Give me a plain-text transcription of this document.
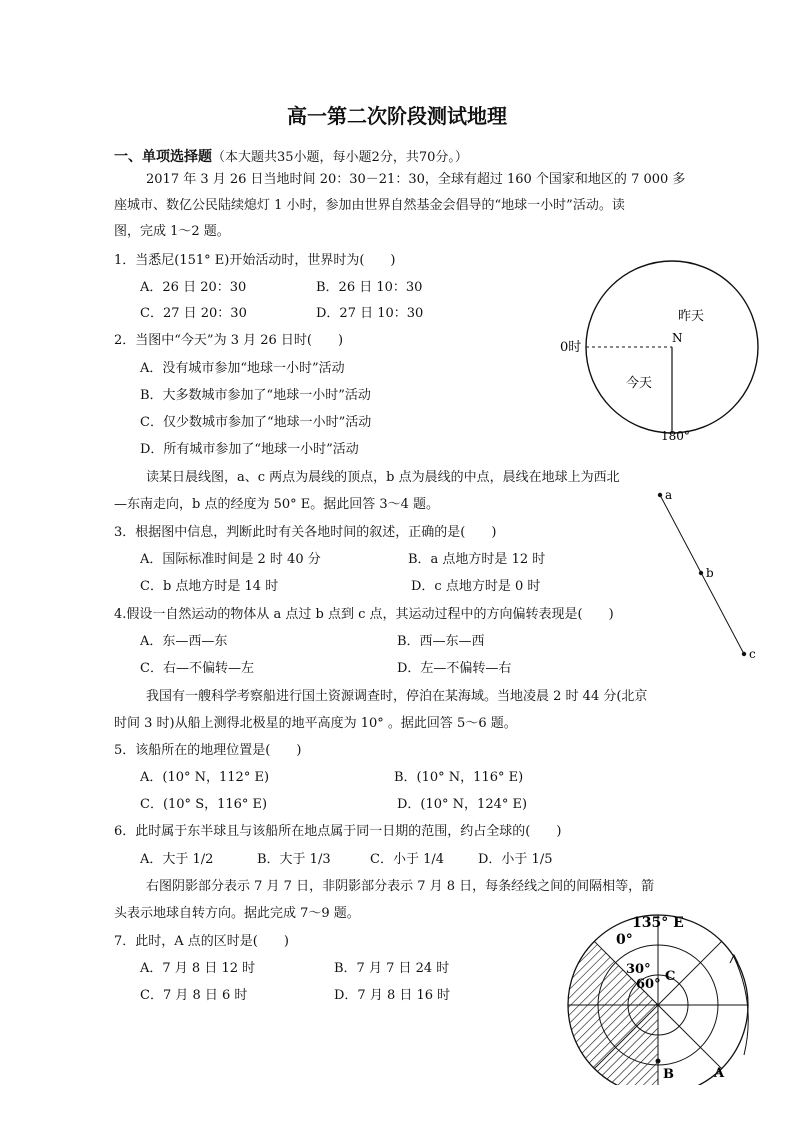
高一第二次阶段测试地理
一、单项选择题（本大题共35小题，每小题2分，共70分。）
2017 年 3 月 26 日当地时间 20：30－21：30，全球有超过 160 个国家和地区的 7 000 多
座城市、数亿公民陆续熄灯 1 小时，参加由世界自然基金会倡导的“地球一小时”活动。读
图，完成 1～2 题。
1．当悉尼(151° E)开始活动时，世界时为(　　)
A．26 日 20：30	B．26 日 10：30
C．27 日 20：30	D．27 日 10：30
2．当图中“今天”为 3 月 26 日时(　　)
A．没有城市参加“地球一小时”活动
B．大多数城市参加了“地球一小时”活动
C．仅少数城市参加了“地球一小时”活动
D．所有城市参加了“地球一小时”活动
昨天
今天
0时
N
180°
读某日晨线图，a、c 两点为晨线的顶点，b 点为晨线的中点，晨线在地球上为西北
—东南走向，b 点的经度为 50° E。据此回答 3～4 题。
a
b
c
3．根据图中信息，判断此时有关各地时间的叙述，正确的是(　　)
A．国际标准时间是 2 时 40 分	B．a 点地方时是 12 时
C．b 点地方时是 14 时	D．c 点地方时是 0 时
4.假设一自然运动的物体从 a 点过 b 点到 c 点，其运动过程中的方向偏转表现是(　　)
A．东—西—东	B．西—东—西
C．右—不偏转—左	D．左—不偏转—右
我国有一艘科学考察船进行国土资源调查时，停泊在某海域。当地凌晨 2 时 44 分(北京
时间 3 时)从船上测得北极星的地平高度为 10° 。据此回答 5～6 题。
5．该船所在的地理位置是(　　)
A．(10° N，112° E)	B．(10° N，116° E)
C．(10° S，116° E)	D．(10° N，124° E)
6．此时属于东半球且与该船所在地点属于同一日期的范围，约占全球的(　　)
A．大于 1/2	B．大于 1/3	C．小于 1/4	D．小于 1/5
右图阴影部分表示 7 月 7 日，非阴影部分表示 7 月 8 日，每条经线之间的间隔相等，箭
头表示地球自转方向。据此完成 7～9 题。
7．此时，A 点的区时是(　　)
A．7 月 8 日 12 时	B．7 月 7 日 24 时
C．7 月 8 日 6 时	D．7 月 8 日 16 时
135° E
0°
30°
60°
C
B	A
